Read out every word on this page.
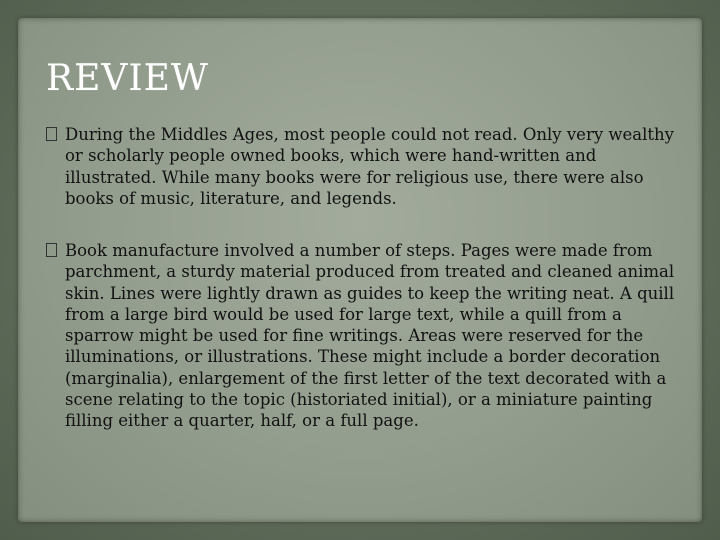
REVIEW
During the Middles Ages, most people could not read. Only very wealthy or scholarly people owned books, which were hand-written and illustrated. While many books were for religious use, there were also books of music, literature, and legends.
Book manufacture involved a number of steps. Pages were made from parchment, a sturdy material produced from treated and cleaned animal skin. Lines were lightly drawn as guides to keep the writing neat. A quill from a large bird would be used for large text, while a quill from a sparrow might be used for fine writings. Areas were reserved for the illuminations, or illustrations. These might include a border decoration (marginalia), enlargement of the first letter of the text decorated with a scene relating to the topic (historiated initial), or a miniature painting filling either a quarter, half, or a full page.
